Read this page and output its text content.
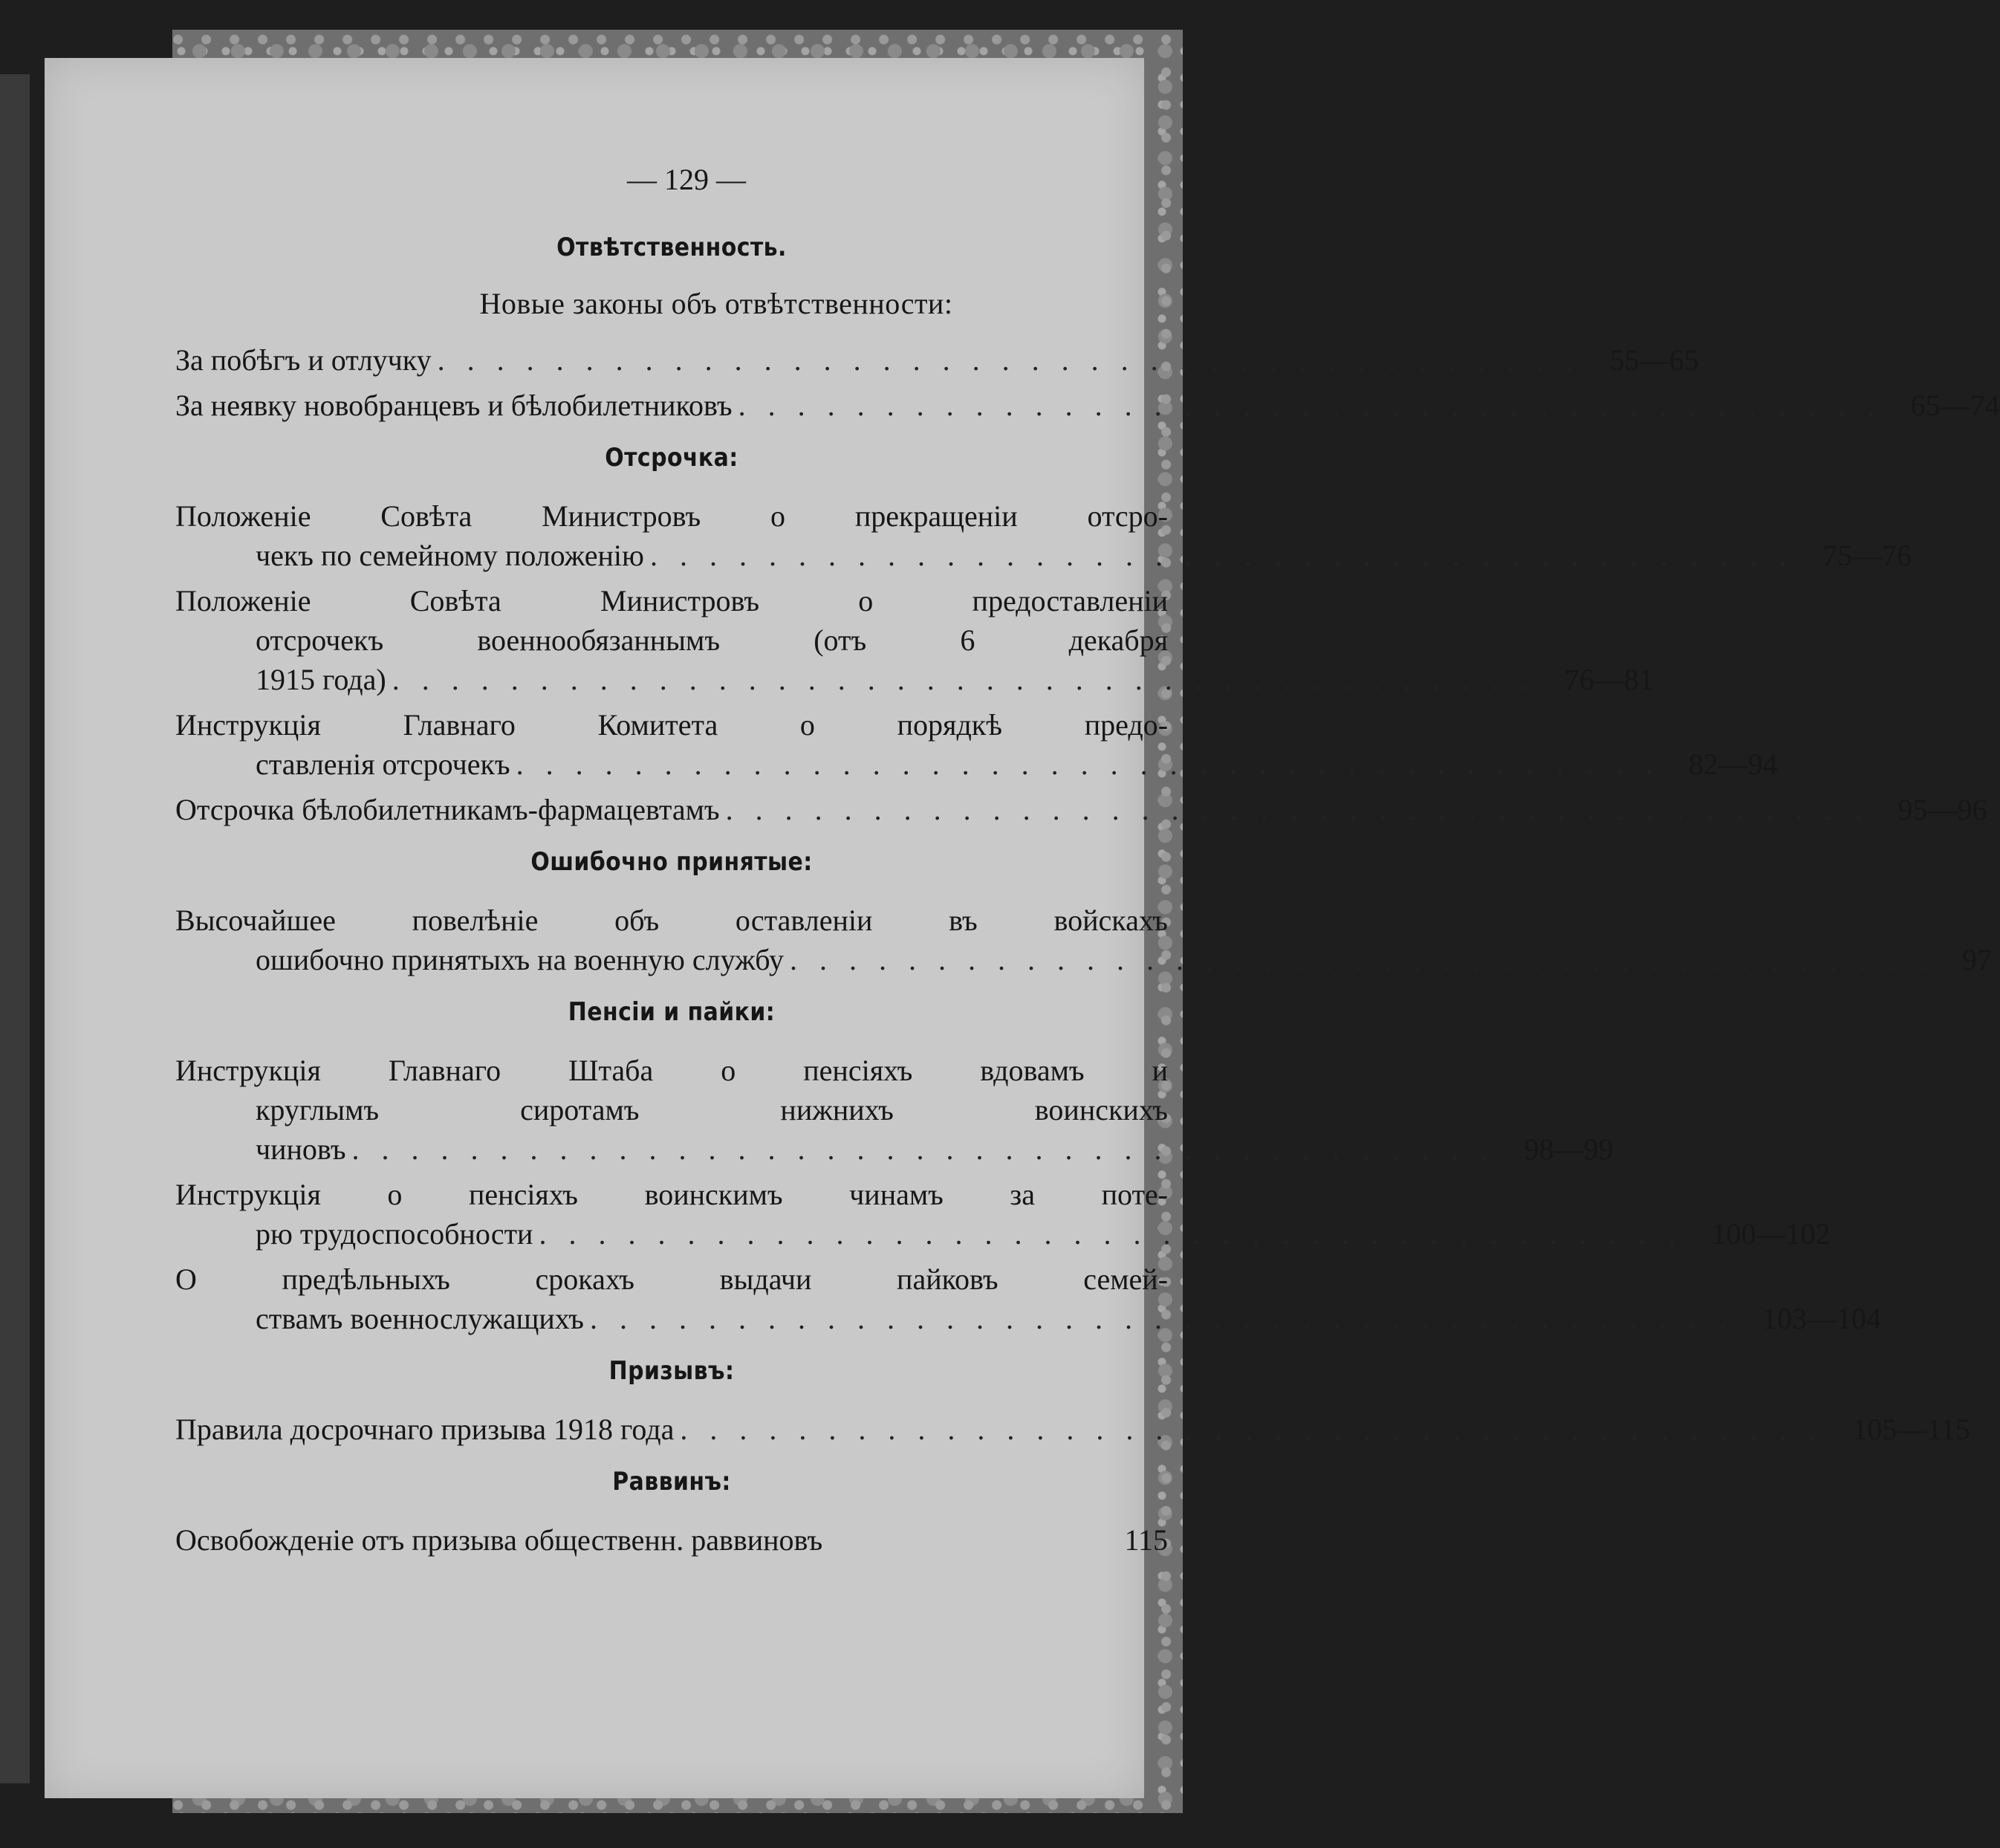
— 129 —
Отвѣтственность.
Новые законы объ отвѣтственности:
За побѣгъ и отлучку ....................................... 55—65
За неявку новобранцевъ и бѣлобилетниковъ ....................................... 65—74
Отсрочка:
Положеніе Совѣта Министровъ о прекращеніи отсро-
чекъ по семейному положенію ....................................... 75—76
Положеніе Совѣта Министровъ о предоставленіи
отсрочекъ военнообязаннымъ (отъ 6 декабря
1915 года) ....................................... 76—81
Инструкція Главнаго Комитета о порядкѣ предо-
ставленія отсрочекъ ....................................... 82—94
Отсрочка бѣлобилетникамъ-фармацевтамъ ....................................... 95—96
Ошибочно принятые:
Высочайшее повелѣніе объ оставленіи въ войскахъ
ошибочно принятыхъ на военную службу ....................................... 97
Пенсіи и пайки:
Инструкція Главнаго Штаба о пенсіяхъ вдовамъ и
круглымъ сиротамъ нижнихъ воинскихъ
чиновъ ....................................... 98—99
Инструкція о пенсіяхъ воинскимъ чинамъ за поте-
рю трудоспособности ....................................... 100—102
О предѣльныхъ срокахъ выдачи пайковъ семей-
ствамъ военнослужащихъ ....................................... 103—104
Призывъ:
Правила досрочнаго призыва 1918 года ....................................... 105—115
Раввинъ:
Освобожденіе отъ призыва общественн. раввиновъ	115
